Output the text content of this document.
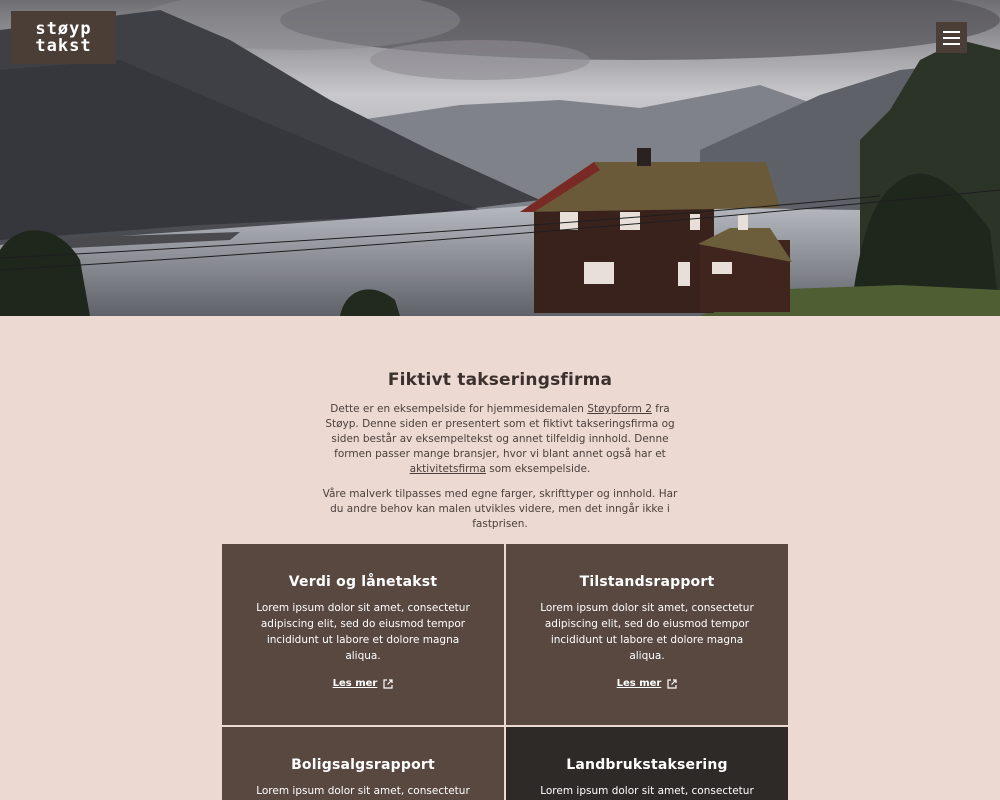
støyp
takst
Fiktivt takseringsfirma

Dette er en eksempelside for hjemmesidemalen Støypform 2 fra Støyp. Denne siden er presentert som et fiktivt takseringsfirma og siden består av eksempeltekst og annet tilfeldig innhold. Denne formen passer mange bransjer, hvor vi blant annet også har et aktivitetsfirma som eksempelside.

Våre malverk tilpasses med egne farger, skrifttyper og innhold. Har du andre behov kan malen utvikles videre, men det inngår ikke i fastprisen.

Verdi og lånetakst

Lorem ipsum dolor sit amet, consectetur adipiscing elit, sed do eiusmod tempor incididunt ut labore et dolore magna aliqua.

Les mer
Tilstandsrapport

Lorem ipsum dolor sit amet, consectetur adipiscing elit, sed do eiusmod tempor incididunt ut labore et dolore magna aliqua.

Les mer
Boligsalgsrapport

Lorem ipsum dolor sit amet, consectetur

Landbrukstaksering

Lorem ipsum dolor sit amet, consectetur
